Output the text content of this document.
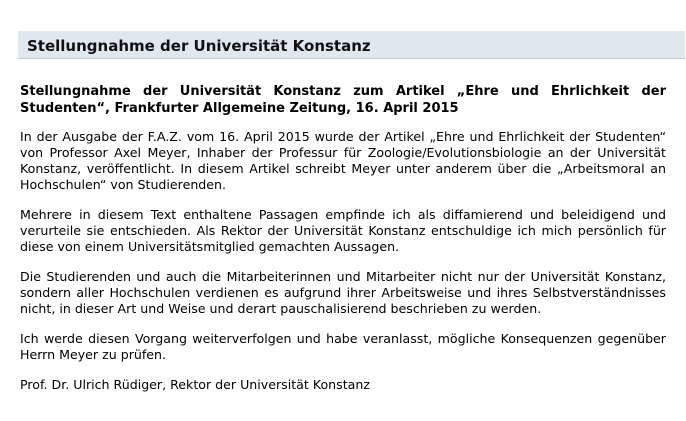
Stellungnahme der Universität Konstanz
Stellungnahme der Universität Konstanz zum Artikel „Ehre und Ehrlichkeit der Studenten“, Frankfurter Allgemeine Zeitung, 16. April 2015

In der Ausgabe der F.A.Z. vom 16. April 2015 wurde der Artikel „Ehre und Ehrlichkeit der Studenten“ von Professor Axel Meyer, Inhaber der Professur für Zoologie/Evolutionsbiologie an der Universität Konstanz, veröffentlicht. In diesem Artikel schreibt Meyer unter anderem über die „Arbeitsmoral an Hochschulen“ von Studierenden.

Mehrere in diesem Text enthaltene Passagen empfinde ich als diffamierend und beleidigend und verurteile sie entschieden. Als Rektor der Universität Konstanz entschuldige ich mich persönlich für diese von einem Universitätsmitglied gemachten Aussagen.

Die Studierenden und auch die Mitarbeiterinnen und Mitarbeiter nicht nur der Universität Konstanz, sondern aller Hochschulen verdienen es aufgrund ihrer Arbeitsweise und ihres Selbstverständnisses nicht, in dieser Art und Weise und derart pauschalisierend beschrieben zu werden.

Ich werde diesen Vorgang weiterverfolgen und habe veranlasst, mögliche Konsequenzen gegenüber Herrn Meyer zu prüfen.

Prof. Dr. Ulrich Rüdiger, Rektor der Universität Konstanz
